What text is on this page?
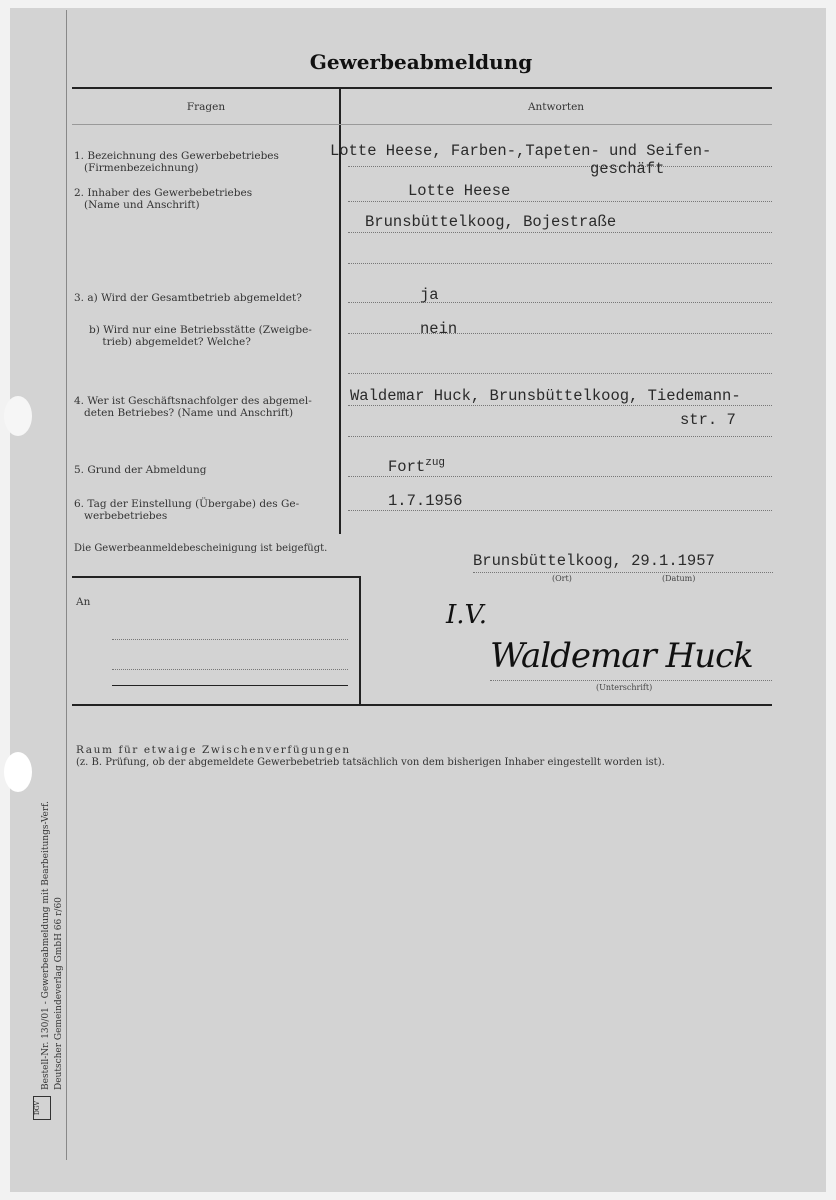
Gewerbeabmeldung
Fragen	Antworten
1. Bezeichnung des Gewerbebetriebes
(Firmenbezeichnung)
2. Inhaber des Gewerbebetriebes
(Name und Anschrift)
3. a) Wird der Gesamtbetrieb abgemeldet?
b) Wird nur eine Betriebsstätte (Zweigbe-
trieb) abgemeldet? Welche?
4. Wer ist Geschäftsnachfolger des abgemel-
deten Betriebes? (Name und Anschrift)
5. Grund der Abmeldung
6. Tag der Einstellung (Übergabe) des Ge-
werbebetriebes
Lotte Heese, Farben-,Tapeten- und Seifen-
geschäft
Lotte Heese
Brunsbüttelkoog, Bojestraße
ja
nein
Waldemar Huck, Brunsbüttelkoog, Tiedemann-
str. 7
Fort$^{zug}$
1.7.1956
Die Gewerbeanmeldebescheinigung ist beigefügt.
An
Brunsbüttelkoog, 29.1.1957
(Ort)	(Datum)
I.V.
Waldemar Huck
(Unterschrift)
Raum für etwaige Zwischenverfügungen
(z. B. Prüfung, ob der abgemeldete Gewerbebetrieb tatsächlich von dem bisherigen Inhaber eingestellt worden ist).
Bestell-Nr. 130/01 - Gewerbeabmeldung mit Bearbeitungs-Verf. Deutscher Gemeindeverlag GmbH 66 r/60
DGV
